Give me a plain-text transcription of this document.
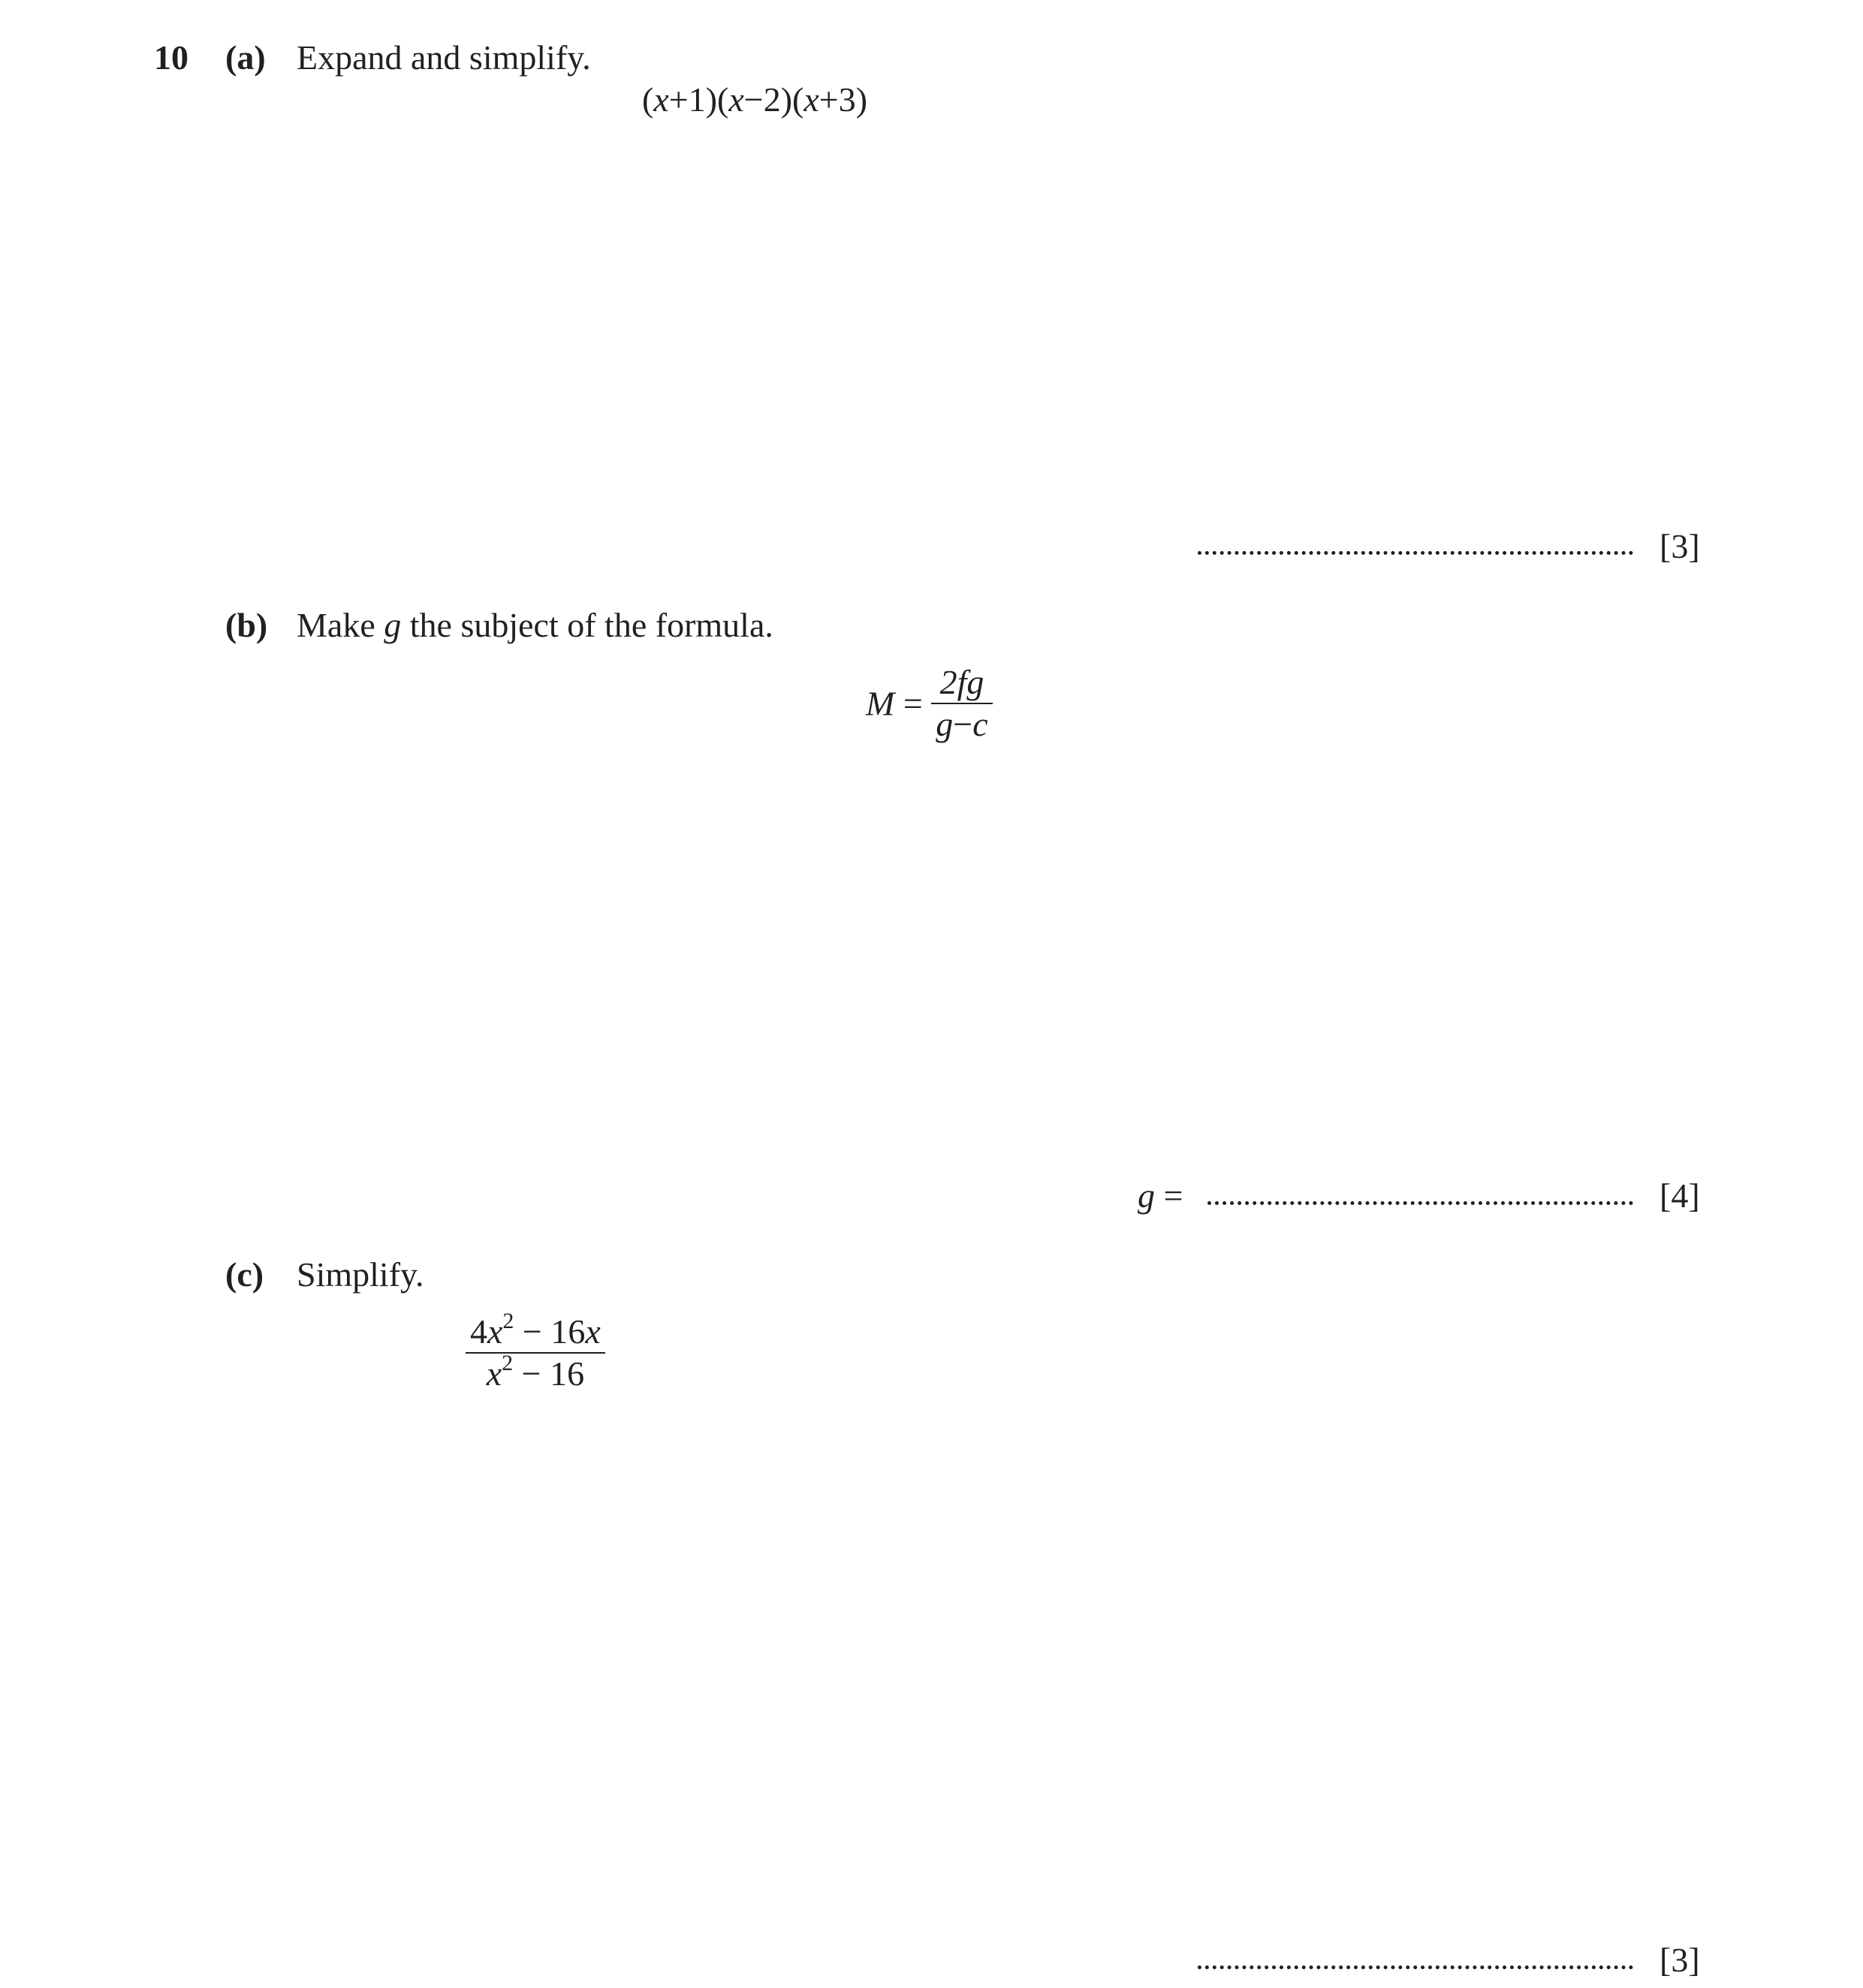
10 (a) Expand and simplify.
(x+1)(x−2)(x+3)
[3]
(b) Make g the subject of the formula.
$M = \frac{2fg}{g-c}$
g =	[4]
(c) Simplify.
$\frac{4x^2 - 16x}{x^2 - 16}$
[3]
